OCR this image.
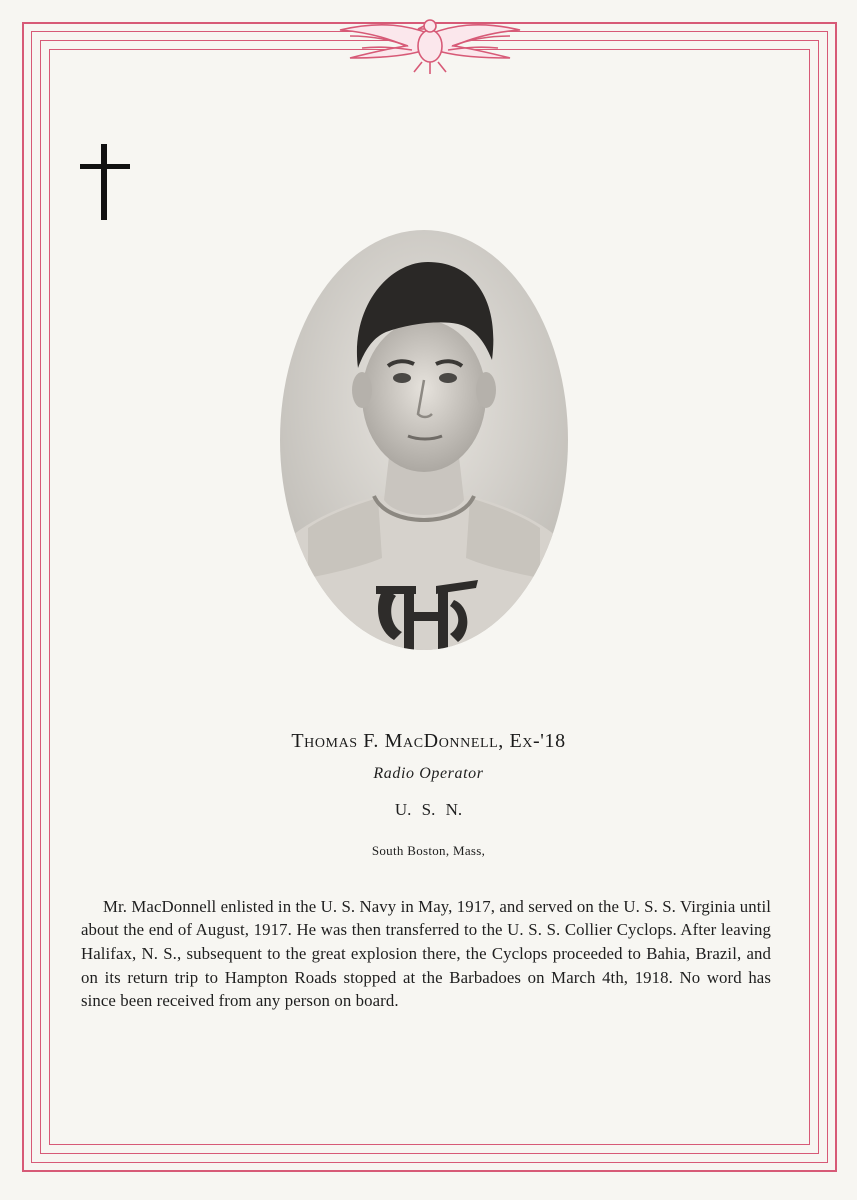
Thomas F. MacDonnell, Ex-'18
Radio Operator
U. S. N.
South Boston, Mass,

Mr. MacDonnell enlisted in the U. S. Navy in May, 1917, and served on the U. S. S. Virginia until about the end of August, 1917. He was then transferred to the U. S. S. Collier Cyclops. After leaving Halifax, N. S., subsequent to the great explosion there, the Cyclops proceeded to Bahia, Brazil, and on its return trip to Hampton Roads stopped at the Barbadoes on March 4th, 1918. No word has since been received from any person on board.
